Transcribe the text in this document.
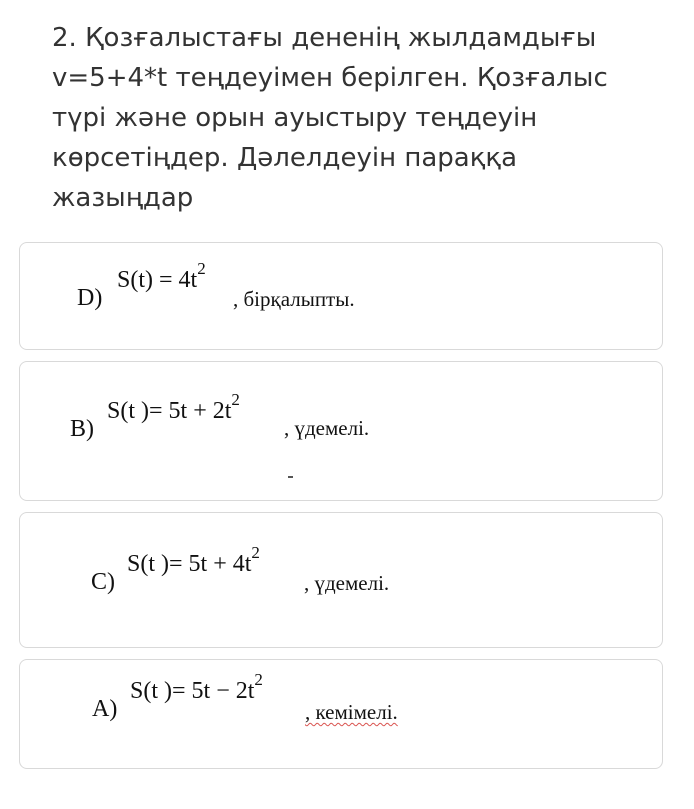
2. Қозғалыстағы дененің жылдамдығы v=5+4*t теңдеуімен берілген. Қозғалыс түрі және орын ауыстыру теңдеуін көрсетіңдер. Дәлелдеуін параққа жазыңдар
D)
$S(t) = 4t^2$
, бірқалыпты.
B)
S(t )= $5t + 2t^2$
, үдемелі.
C)
S(t )= $5t + 4t^2$
, үдемелі.
A)
S(t )= $5t - 2t^2$
, кемімелі.
